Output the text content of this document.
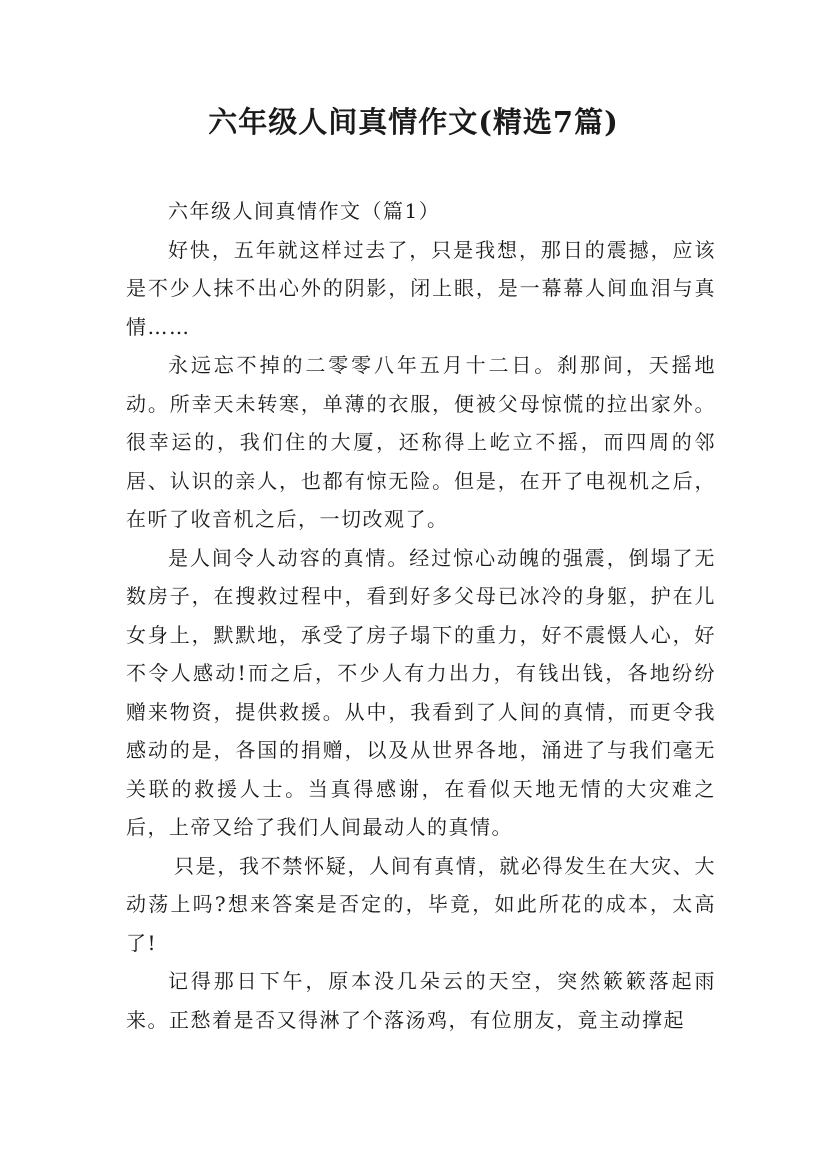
六年级人间真情作文(精选7篇)

六年级人间真情作文（篇1）

好快，五年就这样过去了，只是我想，那日的震撼，应该是不少人抹不出心外的阴影，闭上眼，是一幕幕人间血泪与真情……

永远忘不掉的二零零八年五月十二日。刹那间，天摇地动。所幸天未转寒，单薄的衣服，便被父母惊慌的拉出家外。很幸运的，我们住的大厦，还称得上屹立不摇，而四周的邻居、认识的亲人，也都有惊无险。但是，在开了电视机之后，在听了收音机之后，一切改观了。

是人间令人动容的真情。经过惊心动魄的强震，倒塌了无数房子，在搜救过程中，看到好多父母已冰冷的身躯，护在儿女身上，默默地，承受了房子塌下的重力，好不震慑人心，好不令人感动!而之后，不少人有力出力，有钱出钱，各地纷纷赠来物资，提供救援。从中，我看到了人间的真情，而更令我感动的是，各国的捐赠，以及从世界各地，涌进了与我们毫无关联的救援人士。当真得感谢，在看似天地无情的大灾难之后，上帝又给了我们人间最动人的真情。

只是，我不禁怀疑，人间有真情，就必得发生在大灾、大动荡上吗?想来答案是否定的，毕竟，如此所花的成本，太高了!

记得那日下午，原本没几朵云的天空，突然簌簌落起雨来。正愁着是否又得淋了个落汤鸡，有位朋友，竟主动撑起
